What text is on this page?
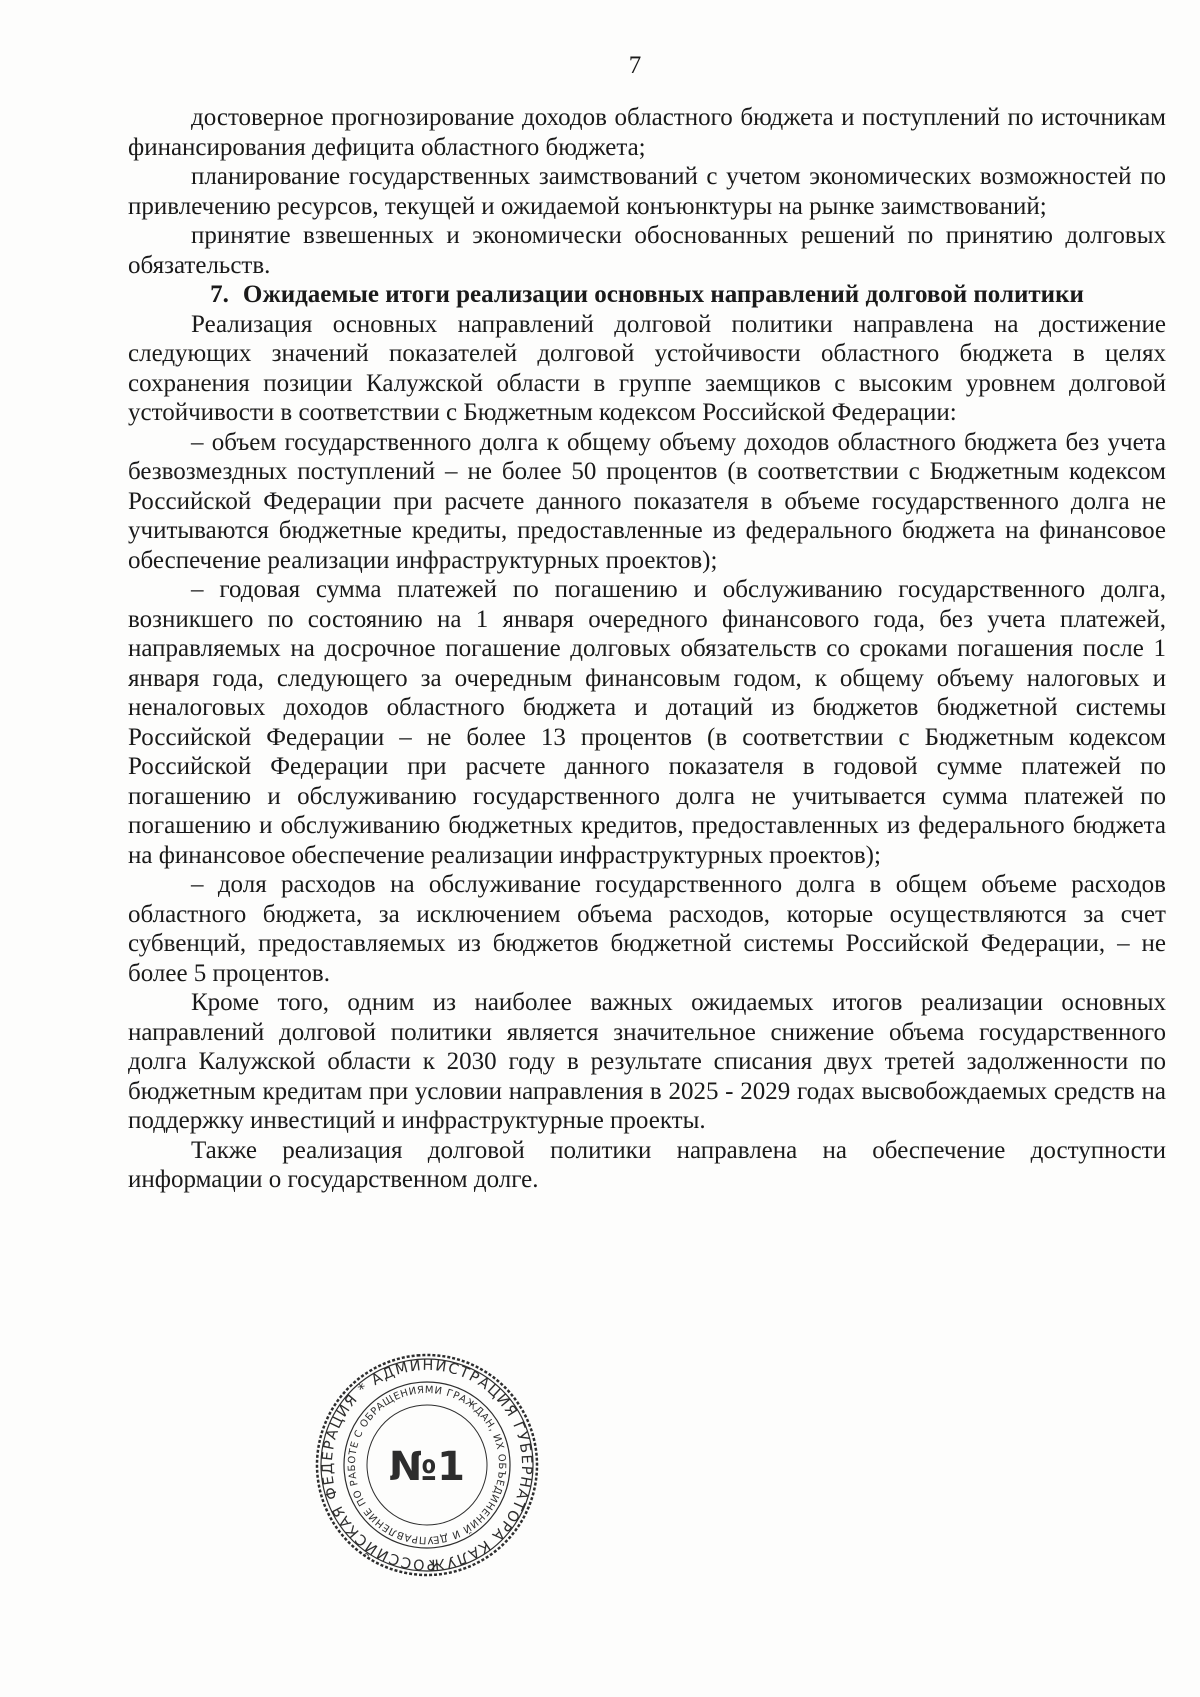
7

достоверное прогнозирование доходов областного бюджета и поступлений по источникам финансирования дефицита областного бюджета;

планирование государственных заимствований с учетом экономических возможностей по привлечению ресурсов, текущей и ожидаемой конъюнктуры на рынке заимствований;

принятие взвешенных и экономически обоснованных решений по принятию долговых обязательств.

7. Ожидаемые итоги реализации основных направлений долговой политики

Реализация основных направлений долговой политики направлена на достижение следующих значений показателей долговой устойчивости областного бюджета в целях сохранения позиции Калужской области в группе заемщиков с высоким уровнем долговой устойчивости в соответствии с Бюджетным кодексом Российской Федерации:

– объем государственного долга к общему объему доходов областного бюджета без учета безвозмездных поступлений – не более 50 процентов (в соответствии с Бюджетным кодексом Российской Федерации при расчете данного показателя в объеме государственного долга не учитываются бюджетные кредиты, предоставленные из федерального бюджета на финансовое обеспечение реализации инфраструктурных проектов);

– годовая сумма платежей по погашению и обслуживанию государственного долга, возникшего по состоянию на 1 января очередного финансового года, без учета платежей, направляемых на досрочное погашение долговых обязательств со сроками погашения после 1 января года, следующего за очередным финансовым годом, к общему объему налоговых и неналоговых доходов областного бюджета и дотаций из бюджетов бюджетной системы Российской Федерации – не более 13 процентов (в соответствии с Бюджетным кодексом Российской Федерации при расчете данного показателя в годовой сумме платежей по погашению и обслуживанию государственного долга не учитывается сумма платежей по погашению и обслуживанию бюджетных кредитов, предоставленных из федерального бюджета на финансовое обеспечение реализации инфраструктурных проектов);

– доля расходов на обслуживание государственного долга в общем объеме расходов областного бюджета, за исключением объема расходов, которые осуществляются за счет субвенций, предоставляемых из бюджетов бюджетной системы Российской Федерации, – не более 5 процентов.

Кроме того, одним из наиболее важных ожидаемых итогов реализации основных направлений долговой политики является значительное снижение объема государственного долга Калужской области к 2030 году в результате списания двух третей задолженности по бюджетным кредитам при условии направления в 2025 - 2029 годах высвобождаемых средств на поддержку инвестиций и инфраструктурные проекты.

Также реализация долговой политики направлена на обеспечение доступности информации о государственном долге.

РОССИЙСКАЯ ФЕДЕРАЦИЯ * АДМИНИСТРАЦИЯ ГУБЕРНАТОРА КАЛУЖСКОЙ
УПРАВЛЕНИЕ ПО РАБОТЕ С ОБРАЩЕНИЯМИ ГРАЖДАН, ИХ ОБЪЕДИНЕНИЙ И ДЕЛОПРОИЗВОДСТВА
№1
